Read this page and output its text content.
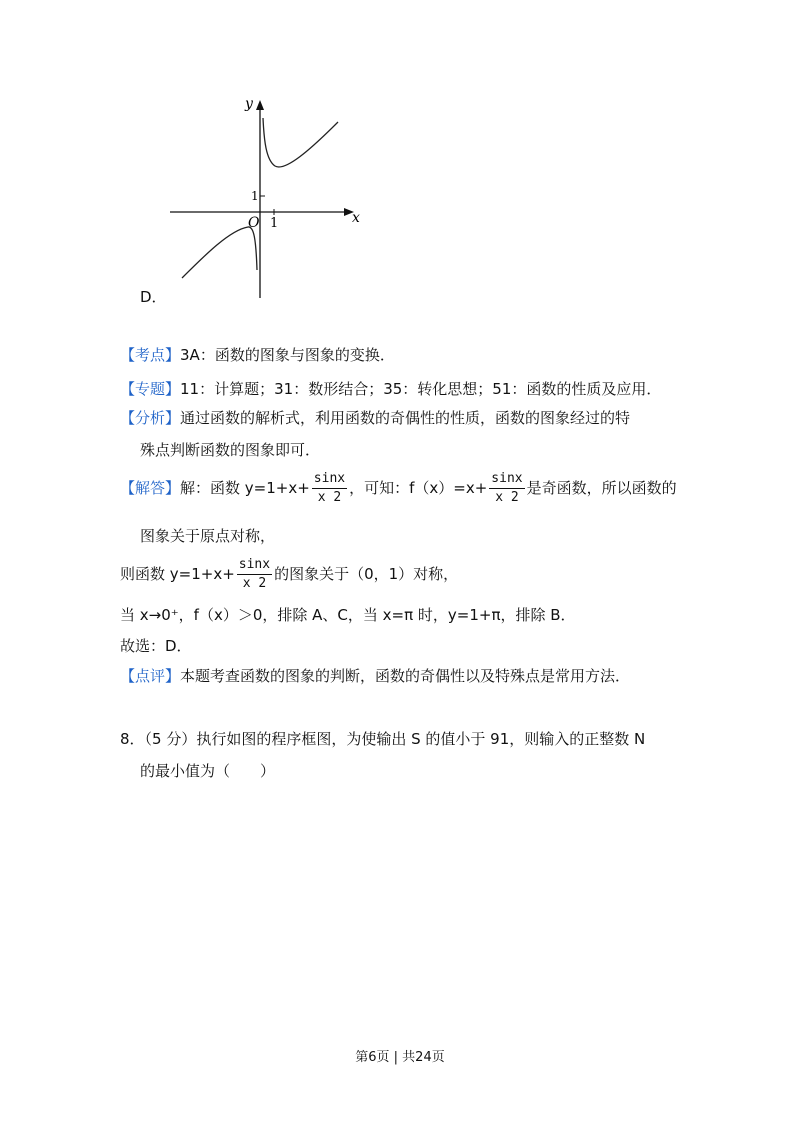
y
x
O 1
1
D．
【考点】3A：函数的图象与图象的变换．
【专题】11：计算题；31：数形结合；35：转化思想；51：函数的性质及应用．
【分析】通过函数的解析式，利用函数的奇偶性的性质，函数的图象经过的特
殊点判断函数的图象即可．
【解答】解：函数 $y=1+x+ \frac{\sin x}{x 2}$ ，可知：$f(x)=x+ \frac{\sin x}{x 2}$ 是奇函数，所以函数的
图象关于原点对称，
则函数 $y=1+x+ \frac{\sin x}{x 2}$ 的图象关于（0，1）对称，
当 x→0⁺，f（x）＞0，排除 A、C，当 x=π 时，y=1+π，排除 B．
故选：D．
【点评】本题考查函数的图象的判断，函数的奇偶性以及特殊点是常用方法．
8．（5 分）执行如图的程序框图，为使输出 S 的值小于 91，则输入的正整数 N
的最小值为（　　）
第6页 | 共24页
